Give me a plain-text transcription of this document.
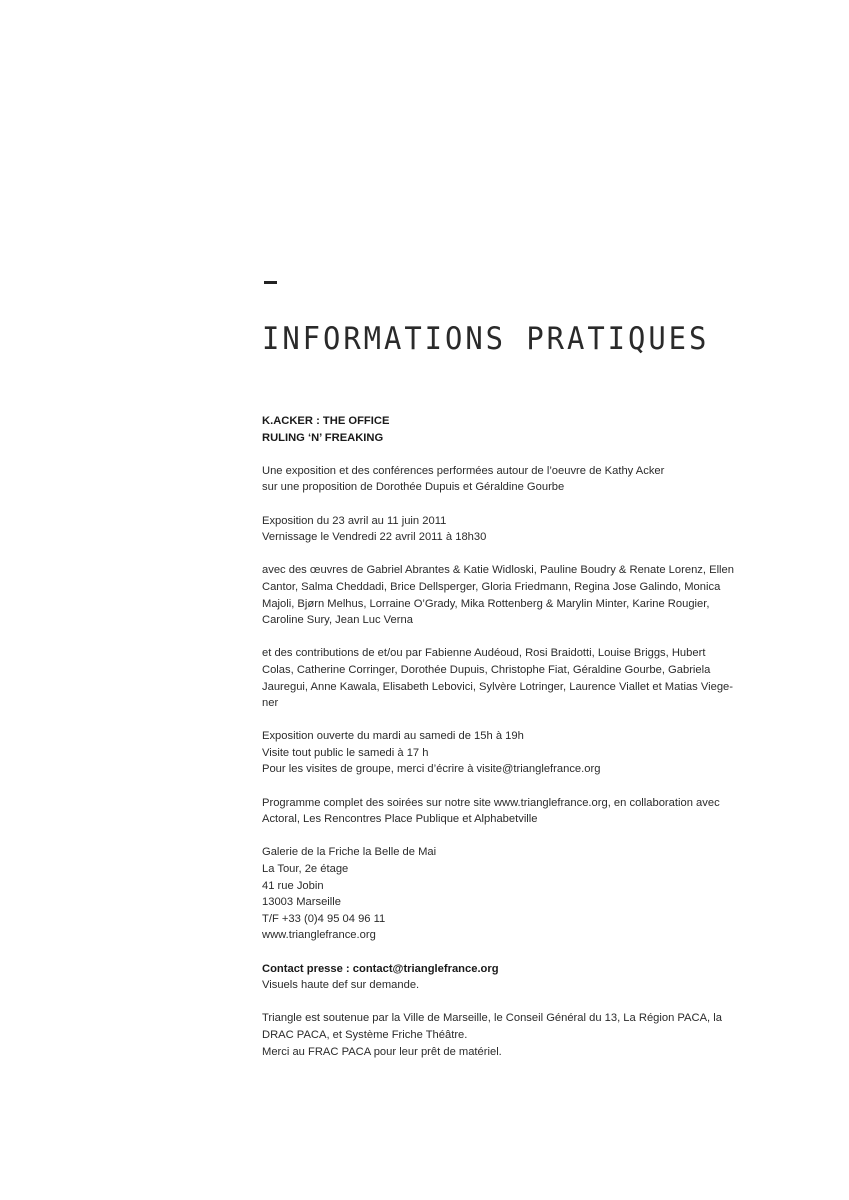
INFORMATIONS PRATIQUES
K.ACKER : THE OFFICE
RULING ‘N’ FREAKING
Une exposition et des conférences performées autour de l’oeuvre de Kathy Acker
sur une proposition de Dorothée Dupuis et Géraldine Gourbe
Exposition du 23 avril au 11 juin 2011
Vernissage le Vendredi 22 avril 2011 à 18h30
avec des œuvres de Gabriel Abrantes & Katie Widloski, Pauline Boudry & Renate Lorenz, Ellen
Cantor, Salma Cheddadi, Brice Dellsperger, Gloria Friedmann, Regina Jose Galindo, Monica
Majoli, Bjørn Melhus, Lorraine O’Grady, Mika Rottenberg & Marylin Minter, Karine Rougier,
Caroline Sury, Jean Luc Verna
et des contributions de et/ou par Fabienne Audéoud, Rosi Braidotti, Louise Briggs, Hubert
Colas, Catherine Corringer, Dorothée Dupuis, Christophe Fiat, Géraldine Gourbe, Gabriela
Jauregui, Anne Kawala, Elisabeth Lebovici, Sylvère Lotringer, Laurence Viallet et Matias Viege-
ner
Exposition ouverte du mardi au samedi de 15h à 19h
Visite tout public le samedi à 17 h
Pour les visites de groupe, merci d’écrire à visite@trianglefrance.org
Programme complet des soirées sur notre site www.trianglefrance.org, en collaboration avec
Actoral, Les Rencontres Place Publique et Alphabetville
Galerie de la Friche la Belle de Mai
La Tour, 2e étage
41 rue Jobin
13003 Marseille
T/F +33 (0)4 95 04 96 11
www.trianglefrance.org
Contact presse : contact@trianglefrance.org
Visuels haute def sur demande.
Triangle est soutenue par la Ville de Marseille, le Conseil Général du 13, La Région PACA, la
DRAC PACA, et Système Friche Théâtre.
Merci au FRAC PACA pour leur prêt de matériel.
